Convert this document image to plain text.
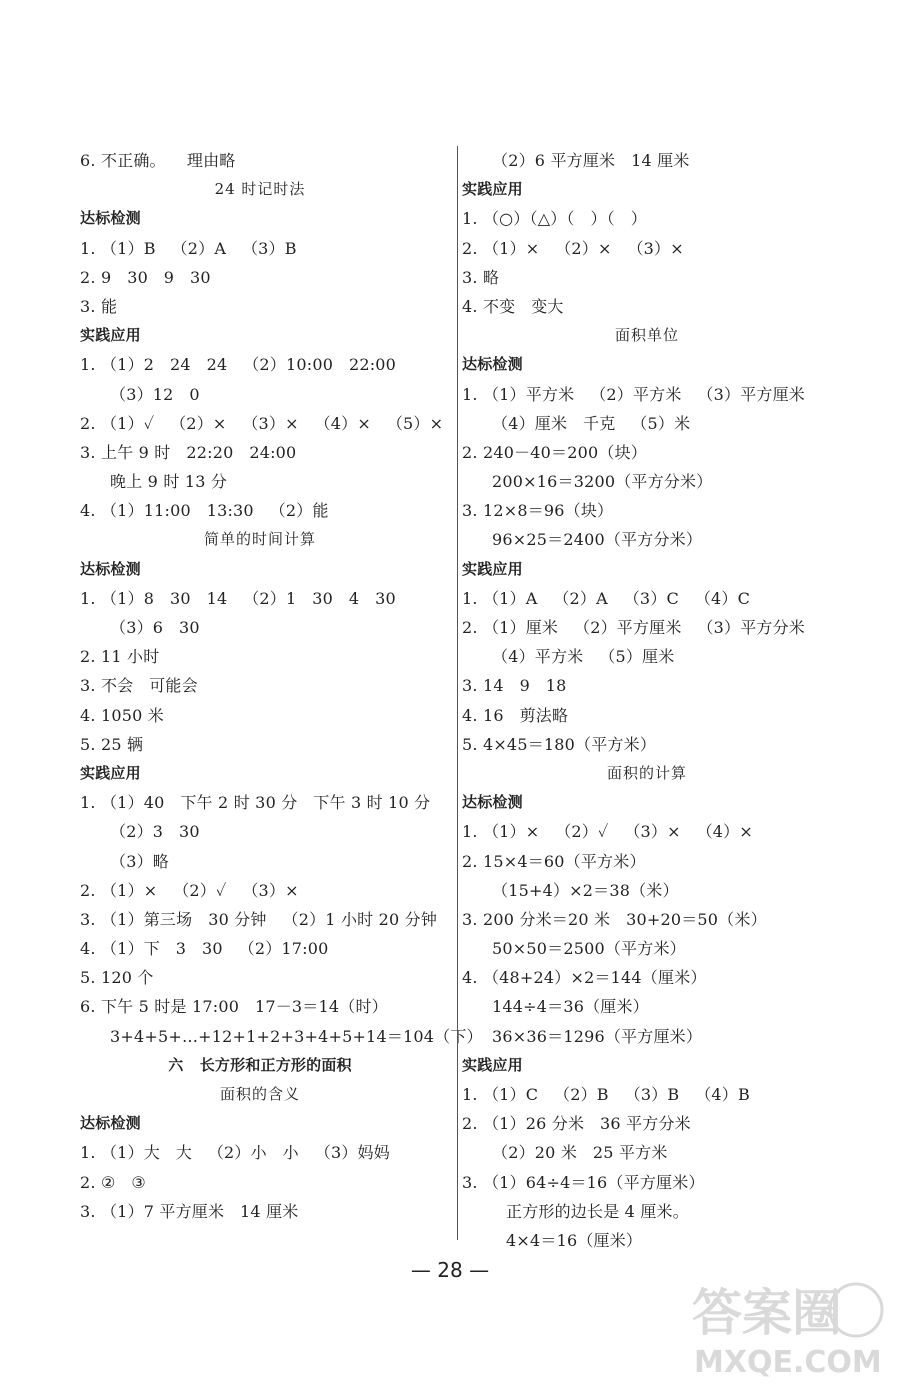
6. 不正确。    理由略
24 时记时法
达标检测
1. （1）B   （2）A   （3）B
2. 9   30   9   30
3. 能
实践应用
1. （1）2   24   24   （2）10:00   22:00
（3）12   0
2. （1）✓   （2）×   （3）×   （4）×   （5）×
3. 上午 9 时   22:20   24:00
晚上 9 时 13 分
4. （1）11:00   13:30   （2）能
简单的时间计算
达标检测
1. （1）8   30   14   （2）1   30   4   30
（3）6   30
2. 11 小时
3. 不会   可能会
4. 1050 米
5. 25 辆
实践应用
1. （1）40   下午 2 时 30 分   下午 3 时 10 分
（2）3   30
（3）略
2. （1）×   （2）✓   （3）×
3. （1）第三场   30 分钟   （2）1 小时 20 分钟
4. （1）下   3   30   （2）17:00
5. 120 个
6. 下午 5 时是 17:00   17－3＝14（时）
3+4+5+…+12+1+2+3+4+5+14＝104（下）
六   长方形和正方形的面积
面积的含义
达标检测
1. （1）大   大   （2）小   小   （3）妈妈
2. ②   ③
3. （1）7 平方厘米   14 厘米
（2）6 平方厘米   14 厘米
实践应用
1. （○）（△）（   ）（   ）
2. （1）×   （2）×   （3）×
3. 略
4. 不变   变大
面积单位
达标检测
1. （1）平方米   （2）平方米   （3）平方厘米
（4）厘米   千克   （5）米
2. 240－40＝200（块）
200×16＝3200（平方分米）
3. 12×8＝96（块）
96×25＝2400（平方分米）
实践应用
1. （1）A   （2）A   （3）C   （4）C
2. （1）厘米   （2）平方厘米   （3）平方分米
（4）平方米   （5）厘米
3. 14   9   18
4. 16   剪法略
5. 4×45＝180（平方米）
面积的计算
达标检测
1. （1）×   （2）✓   （3）×   （4）×
2. 15×4＝60（平方米）
（15+4）×2＝38（米）
3. 200 分米＝20 米   30+20＝50（米）
50×50＝2500（平方米）
4. （48+24）×2＝144（厘米）
144÷4＝36（厘米）
36×36＝1296（平方厘米）
实践应用
1. （1）C   （2）B   （3）B   （4）B
2. （1）26 分米   36 平方分米
（2）20 米   25 平方米
3. （1）64÷4＝16（平方厘米）
正方形的边长是 4 厘米。
4×4＝16（厘米）
— 28 —
答案圈
MXQE.COM
